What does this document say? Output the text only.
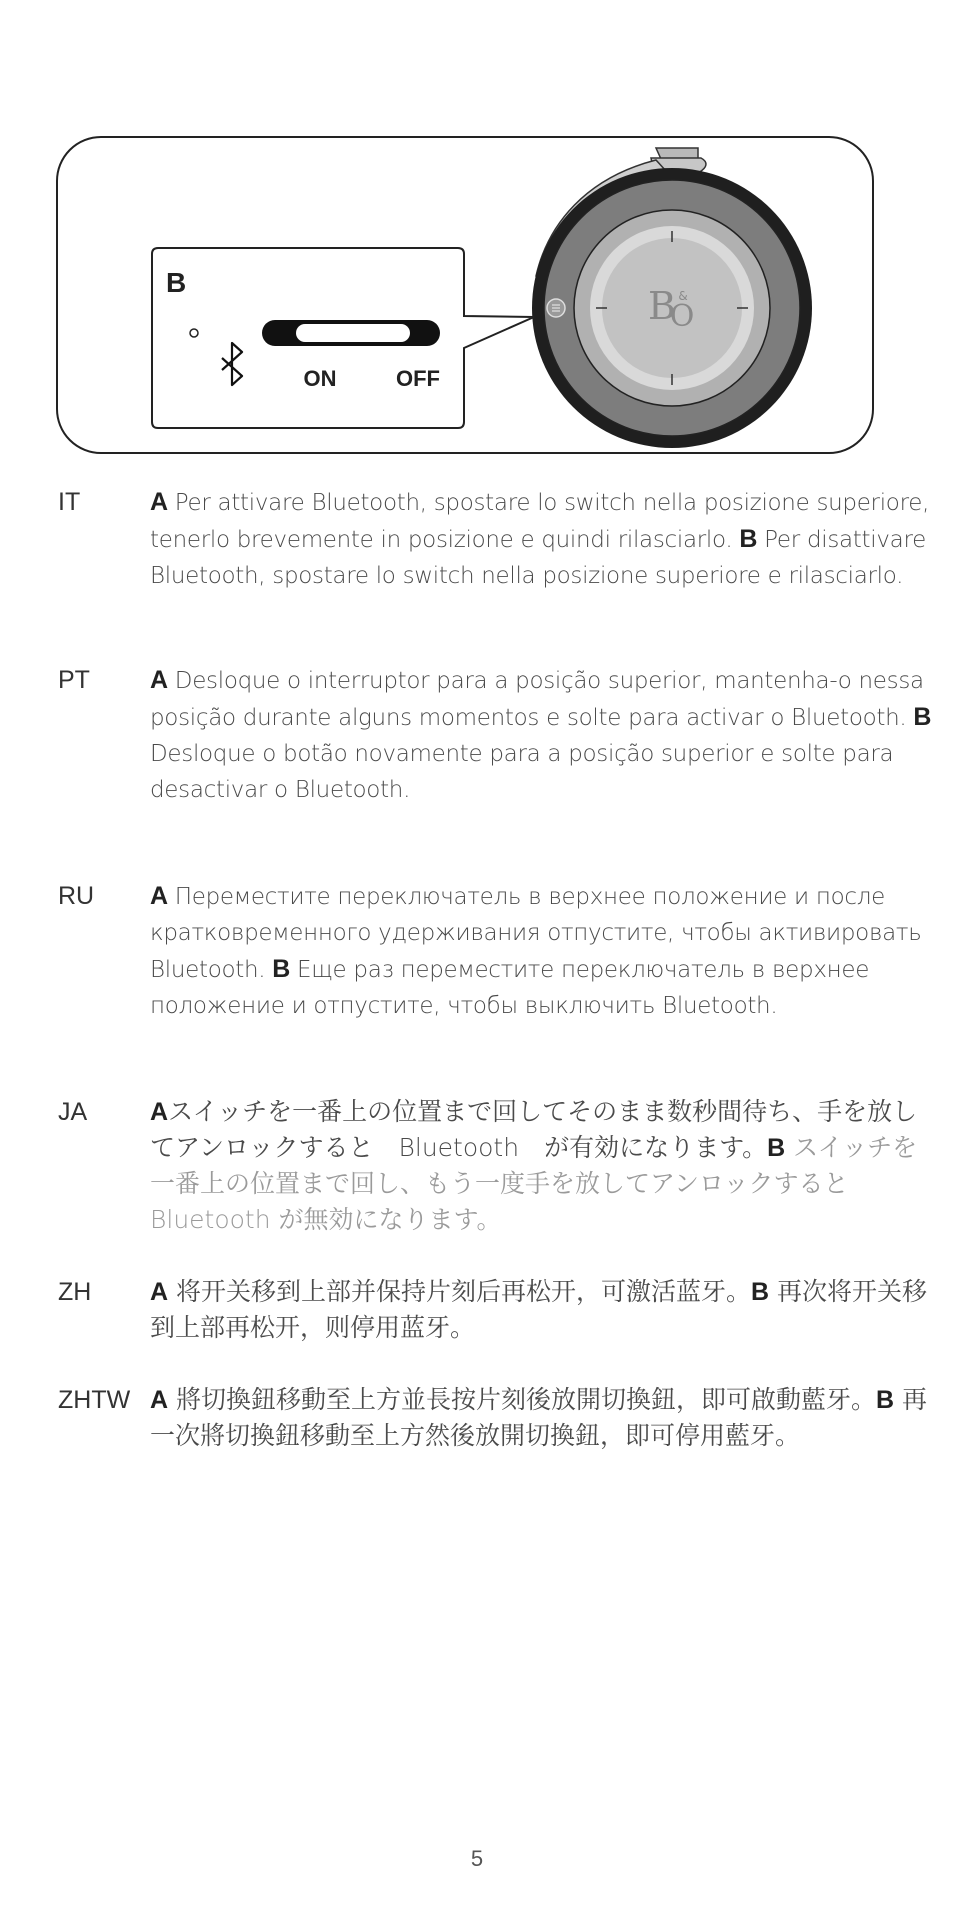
B
O
&
B
ON	OFF
IT	A Per attivare Bluetooth, spostare lo switch nella posizione superiore, tenerlo brevemente in posizione e quindi rilasciarlo. B Per disattivare Bluetooth, spostare lo switch nella posizione superiore e rilasciarlo.
PT A Desloque o interruptor para a posição superior, mantenha-o nessa posição durante alguns momentos e solte para activar o Bluetooth. B Desloque o botão novamente para a posição superior e solte para desactivar o Bluetooth.
RU A Переместите переключатель в верхнее положение и после кратковременного удерживания отпустите, чтобы активировать Bluetooth. B Еще раз переместите переключатель в верхнее положение и отпустите, чтобы выключить Bluetooth.
JA	Aスイッチを一番上の位置まで回してそのまま数秒間待ち、手を放してアンロックすると　Bluetooth　が有効になります。B スイッチを一番上の位置まで回し、もう一度手を放してアンロックすると Bluetooth が無効になります。
ZH A 将开关移到上部并保持片刻后再松开，可激活蓝牙。B 再次将开关移到上部再松开，则停用蓝牙。
ZHTW A 將切換鈕移動至上方並長按片刻後放開切換鈕，即可啟動藍牙。B 再一次將切換鈕移動至上方然後放開切換鈕，即可停用藍牙。
5
